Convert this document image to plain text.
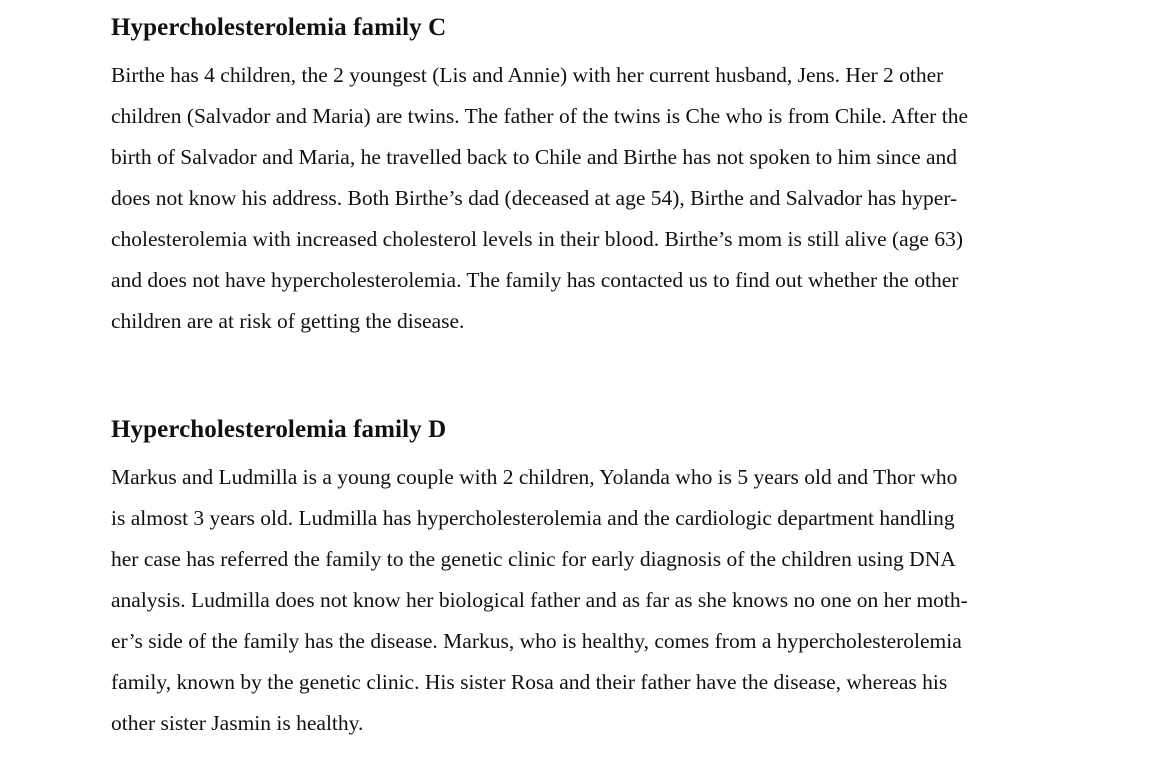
Hypercholesterolemia family C

Birthe has 4 children, the 2 youngest (Lis and Annie) with her current husband, Jens. Her 2 other
children (Salvador and Maria) are twins. The father of the twins is Che who is from Chile. After the
birth of Salvador and Maria, he travelled back to Chile and Birthe has not spoken to him since and
does not know his address. Both Birthe’s dad (deceased at age 54), Birthe and Salvador has hyper-
cholesterolemia with increased cholesterol levels in their blood. Birthe’s mom is still alive (age 63)
and does not have hypercholesterolemia. The family has contacted us to find out whether the other
children are at risk of getting the disease.

Hypercholesterolemia family D

Markus and Ludmilla is a young couple with 2 children, Yolanda who is 5 years old and Thor who
is almost 3 years old. Ludmilla has hypercholesterolemia and the cardiologic department handling
her case has referred the family to the genetic clinic for early diagnosis of the children using DNA
analysis. Ludmilla does not know her biological father and as far as she knows no one on her moth-
er’s side of the family has the disease. Markus, who is healthy, comes from a hypercholesterolemia
family, known by the genetic clinic. His sister Rosa and their father have the disease, whereas his
other sister Jasmin is healthy.
